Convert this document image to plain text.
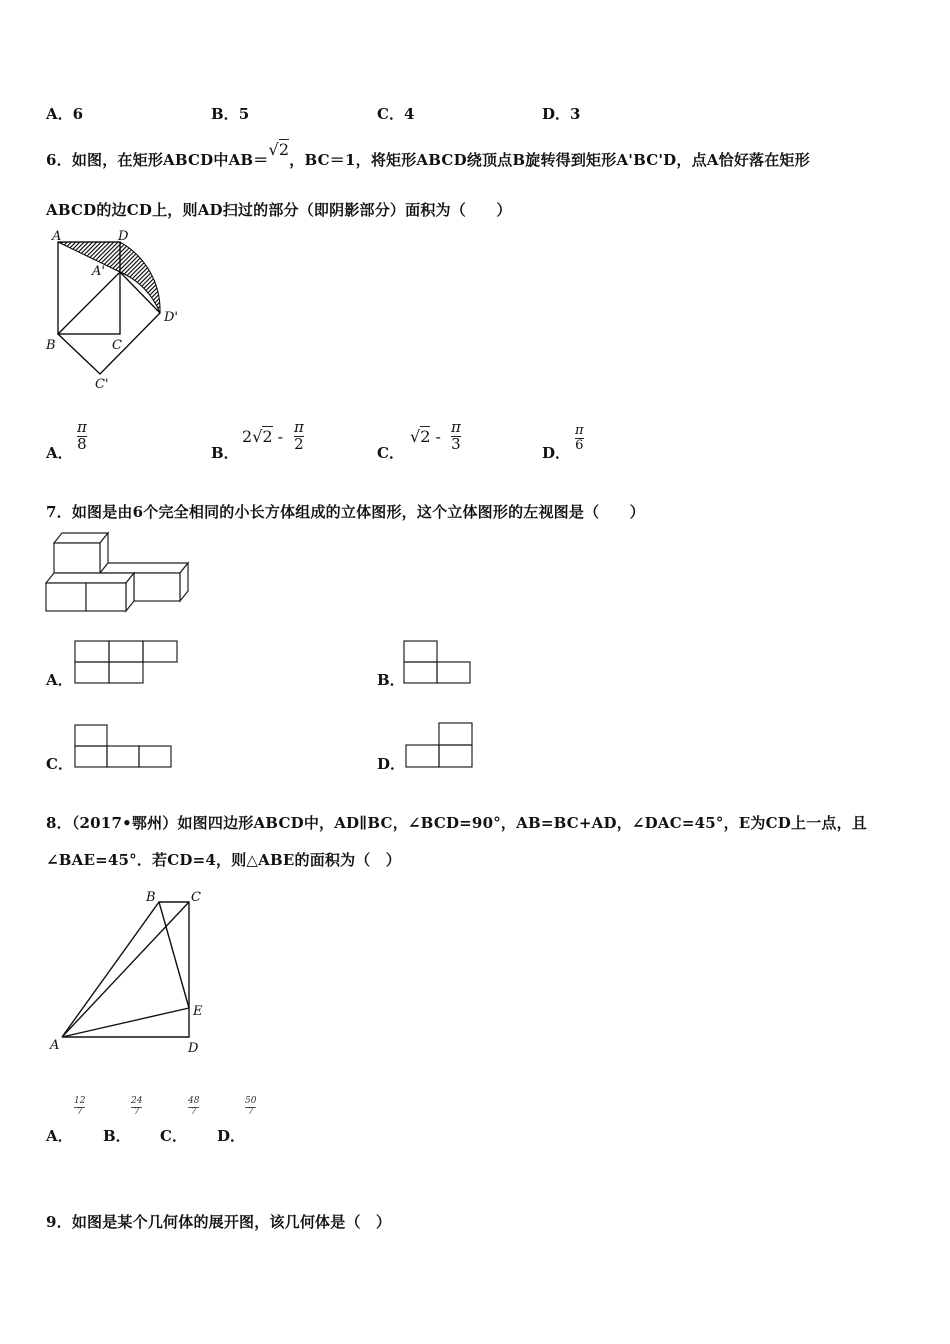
A．6	B．5	C．4	D．3
6．如图，在矩形ABCD中AB＝√2，BC＝1，将矩形ABCD绕顶点B旋转得到矩形A'BC'D，点A恰好落在矩形
ABCD的边CD上，则AD扫过的部分（即阴影部分）面积为（　　）
A	D
A'
D'
B	C
C'
A．
π
8
B．
2√2 - π
2
C．
√2 - π
3
D．
π
6
7．如图是由6个完全相同的小长方体组成的立体图形，这个立体图形的左视图是（　　）
A．	B．
C．	D．
8．（2017•鄂州）如图四边形ABCD中，AD∥BC，∠BCD=90°，AB=BC+AD，∠DAC=45°，E为CD上一点，且
∠BAE=45°．若CD=4，则△ABE的面积为（　）
B	C
E
A	D
A．
12
7
B．
24
7
C．
48
7
D．
50
7
9．如图是某个几何体的展开图，该几何体是（　）
